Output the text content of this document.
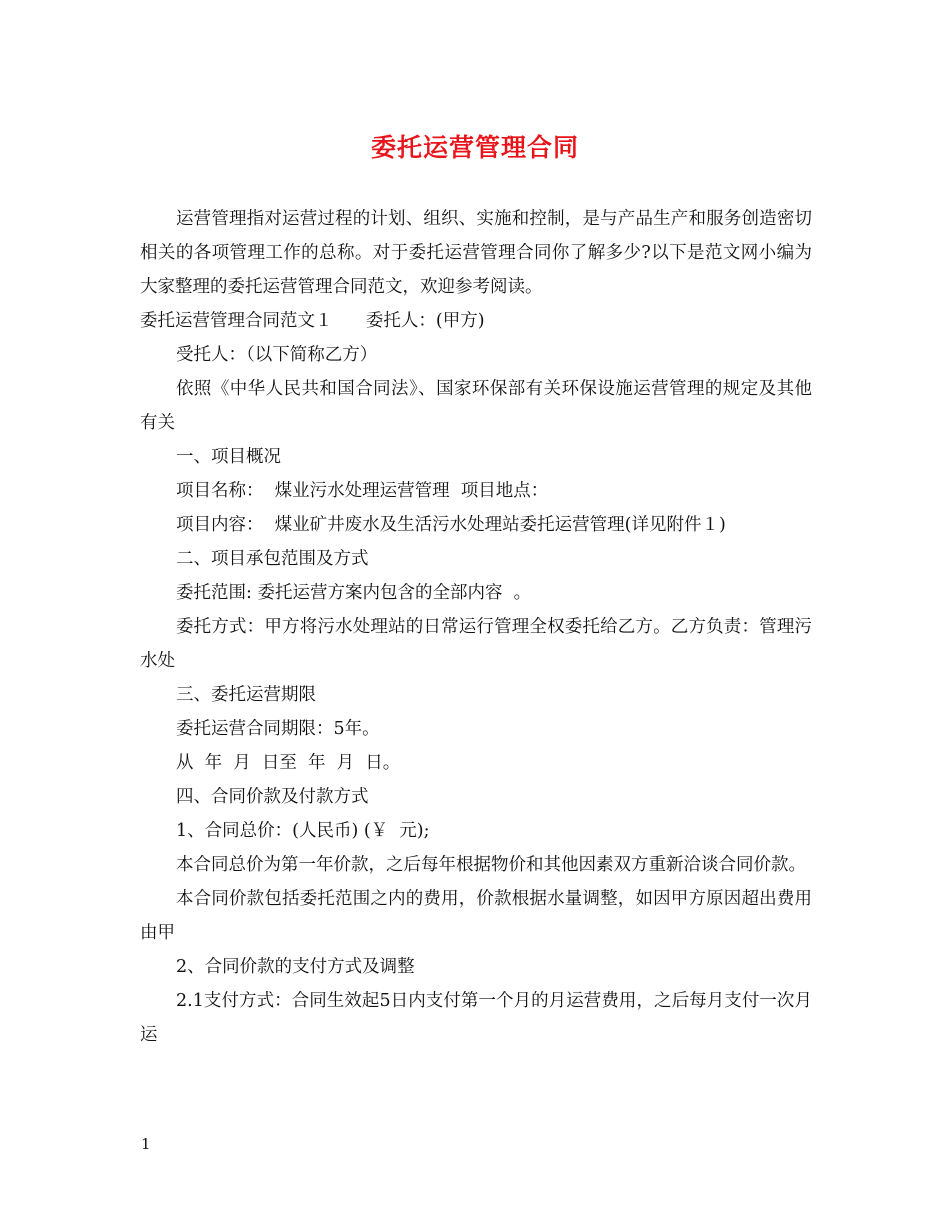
委托运营管理合同
运营管理指对运营过程的计划、组织、实施和控制，是与产品生产和服务创造密切相关的各项管理工作的总称。对于委托运营管理合同你了解多少?以下是范文网小编为大家整理的委托运营管理合同范文，欢迎参考阅读。
委托运营管理合同范文１      委托人：(甲方)
受托人：（以下简称乙方）
依照《中华人民共和国合同法》、国家环保部有关环保设施运营管理的规定及其他有关
一、项目概况
项目名称：  煤业污水处理运营管理  项目地点：
项目内容：  煤业矿井废水及生活污水处理站委托运营管理(详见附件１)
二、项目承包范围及方式
委托范围: 委托运营方案内包含的全部内容  。
委托方式：甲方将污水处理站的日常运行管理全权委托给乙方。乙方负责：管理污水处
三、委托运营期限
委托运营合同期限：5年。
从  年  月  日至  年  月  日。
四、合同价款及付款方式
1、合同总价：(人民币) (￥  元);
本合同总价为第一年价款，之后每年根据物价和其他因素双方重新洽谈合同价款。
本合同价款包括委托范围之内的费用，价款根据水量调整，如因甲方原因超出费用由甲
2、合同价款的支付方式及调整
2.1支付方式：合同生效起5日内支付第一个月的月运营费用，之后每月支付一次月运
1
